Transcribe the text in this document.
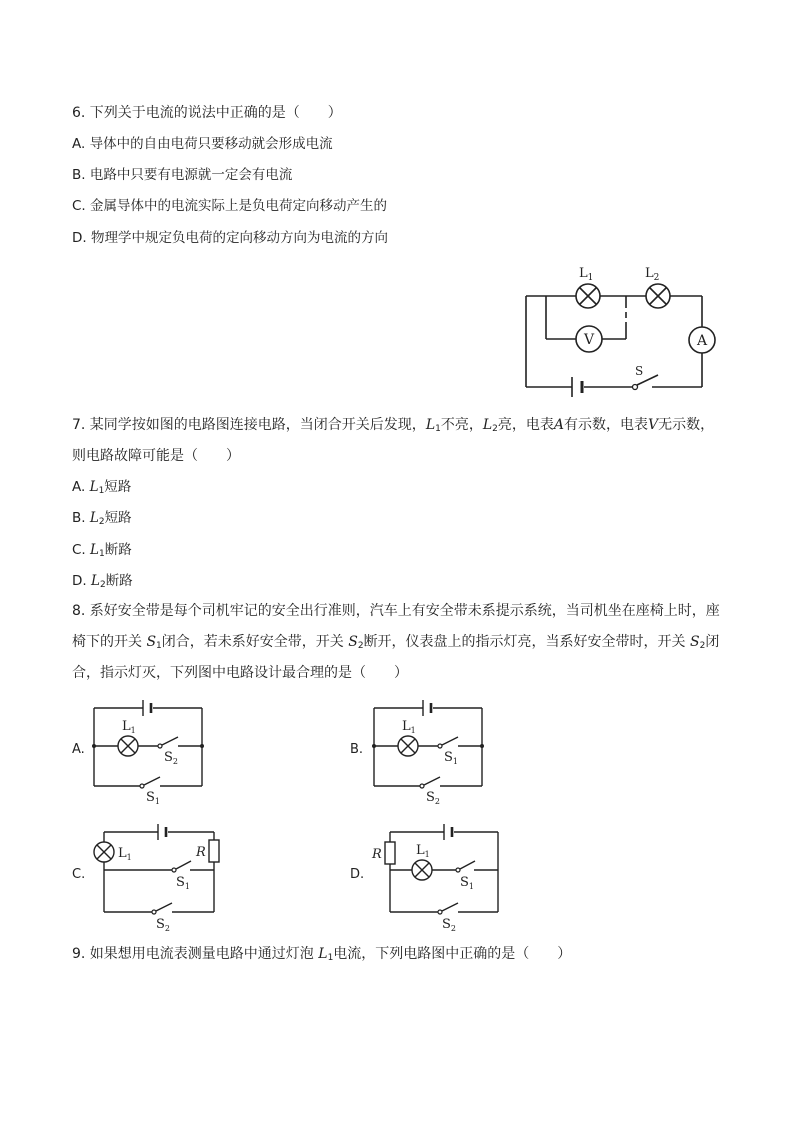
6. 下列关于电流的说法中正确的是（　　）
A. 导体中的自由电荷只要移动就会形成电流
B. 电路中只要有电源就一定会有电流
C. 金属导体中的电流实际上是负电荷定向移动产生的
D. 物理学中规定负电荷的定向移动方向为电流的方向
$L_1$	$L_2$
V	A
S
7. 某同学按如图的电路图连接电路，当闭合开关后发现，$L_1$不亮，$L_2$亮，电表A有示数，电表V无示数，
则电路故障可能是（　　）
A. $L_1$短路
B. $L_2$短路
C. $L_1$断路
D. $L_2$断路
8. 系好安全带是每个司机牢记的安全出行准则，汽车上有安全带未系提示系统，当司机坐在座椅上时，座
椅下的开关 $S_1$闭合，若未系好安全带，开关 $S_2$断开，仪表盘上的指示灯亮，当系好安全带时，开关 $S_2$闭
合，指示灯灭，下列图中电路设计最合理的是（　　）
A.
$L_1$
$S_2$
$S_1$
B.
$L_1$
$S_1$
$S_2$
C.
$L_1$	R
$S_1$
$S_2$
D.
R	$L_1$
$S_1$
$S_2$
9. 如果想用电流表测量电路中通过灯泡 $L_1$电流，下列电路图中正确的是（　　）
